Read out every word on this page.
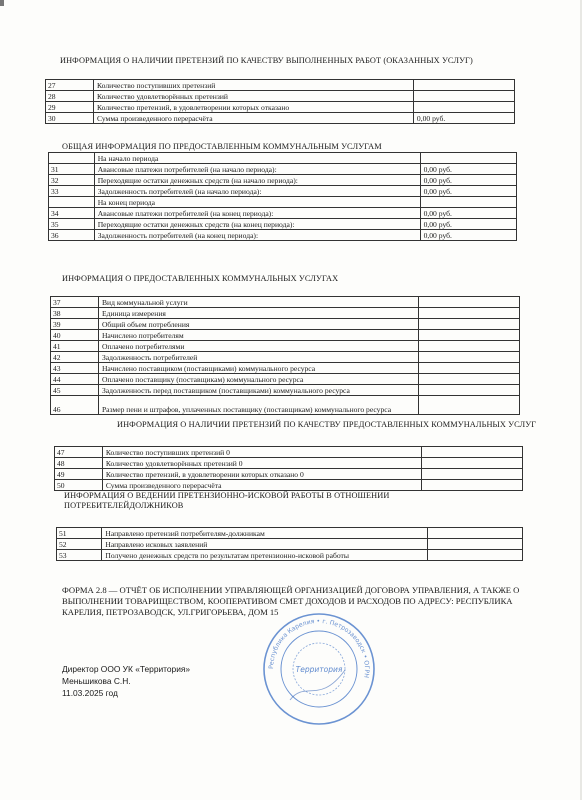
ИНФОРМАЦИЯ О НАЛИЧИИ ПРЕТЕНЗИЙ ПО КАЧЕСТВУ ВЫПОЛНЕННЫХ РАБОТ (ОКАЗАННЫХ УСЛУГ)
27	Количество поступивших претензий	
28	Количество удовлетворённых претензий	
29	Количество претензий, в удовлетворении которых отказано	
30	Сумма произведенного перерасчёта	0,00 руб.
ОБЩАЯ ИНФОРМАЦИЯ ПО ПРЕДОСТАВЛЕННЫМ КОММУНАЛЬНЫМ УСЛУГАМ
	На начало периода	
31	Авансовые платежи потребителей (на начало периода):	0,00 руб.
32	Переходящие остатки денежных средств (на начало периода):	0,00 руб.
33	Задолженность потребителей (на начало периода):	0,00 руб.
	На конец периода	
34	Авансовые платежи потребителей (на конец периода):	0,00 руб.
35	Переходящие остатки денежных средств (на конец периода):	0,00 руб.
36	Задолженность потребителей (на конец периода):	0,00 руб.
ИНФОРМАЦИЯ О ПРЕДОСТАВЛЕННЫХ КОММУНАЛЬНЫХ УСЛУГАХ
37	Вид коммунальной услуги	
38	Единица измерения	
39	Общий объем потребления	
40	Начислено потребителям	
41	Оплачено потребителями	
42	Задолженность потребителей	
43	Начислено поставщиком (поставщиками) коммунального ресурса	
44	Оплачено поставщику (поставщикам) коммунального ресурса	
45	Задолженность перед поставщиком (поставщиками) коммунального ресурса	
46	Размер пени и штрафов, уплаченных поставщику (поставщикам) коммунального ресурса	
ИНФОРМАЦИЯ О НАЛИЧИИ ПРЕТЕНЗИЙ ПО КАЧЕСТВУ ПРЕДОСТАВЛЕННЫХ КОММУНАЛЬНЫХ УСЛУГ
47	Количество поступивших претензий 0	
48	Количество удовлетворённых претензий 0	
49	Количество претензий, в удовлетворении которых отказано 0	
50	Сумма произведенного перерасчёта	
ИНФОРМАЦИЯ О ВЕДЕНИИ ПРЕТЕНЗИОННО-ИСКОВОЙ РАБОТЫ В ОТНОШЕНИИ ПОТРЕБИТЕЛЕЙДОЛЖНИКОВ
51	Направлено претензий потребителям-должникам	
52	Направлено исковых заявлений	
53	Получено денежных средств по результатам претензионно-исковой работы	
ФОРМА 2.8 — ОТЧЁТ ОБ ИСПОЛНЕНИИ УПРАВЛЯЮЩЕЙ ОРГАНИЗАЦИЕЙ ДОГОВОРА УПРАВЛЕНИЯ, А ТАКЖЕ О ВЫПОЛНЕНИИ ТОВАРИЩЕСТВОМ, КООПЕРАТИВОМ СМЕТ ДОХОДОВ И РАСХОДОВ ПО АДРЕСУ: РЕСПУБЛИКА КАРЕЛИЯ, ПЕТРОЗАВОДСК, УЛ.ГРИГОРЬЕВА, ДОМ 15
Директор ООО УК «Территория»
Меньшикова С.Н.
11.03.2025 год
Республика Карелия • г. Петрозаводск • ОГРН
Территория
